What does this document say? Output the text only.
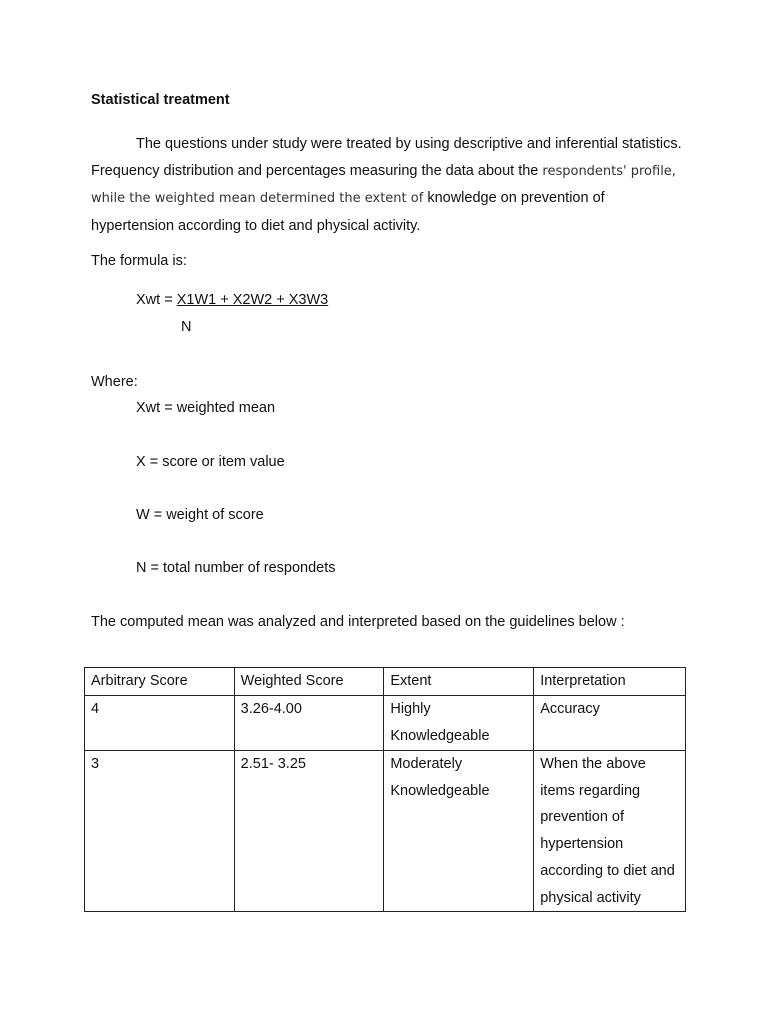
Statistical treatment
The questions under study were treated by using descriptive and inferential statistics. Frequency distribution and percentages measuring the data about the respondents' profile, while the weighted mean determined the extent of knowledge on prevention of hypertension according to diet and physical activity.
The formula is:
Xwt = X1W1 + X2W2 + X3W3
N
Where:
Xwt = weighted mean
X = score or item value
W = weight of score
N = total number of respondets
The computed mean was analyzed and interpreted based on the guidelines below :
Arbitrary Score	Weighted Score	Extent	Interpretation
4	3.26-4.00	Highly Knowledgeable	Accuracy
3	2.51- 3.25	Moderately Knowledgeable	When the above items regarding prevention of hypertension according to diet and physical activity
